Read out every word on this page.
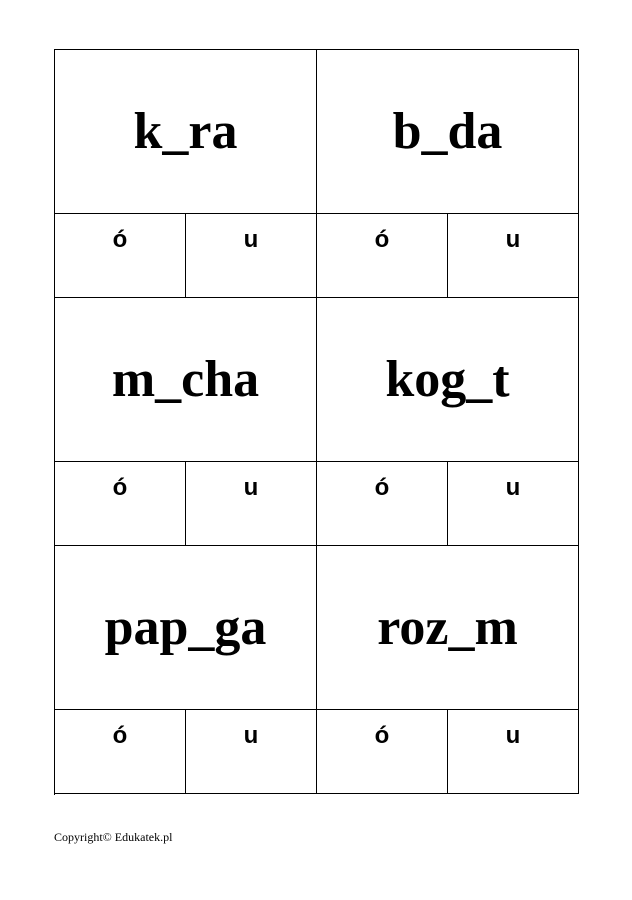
k_ra	b_da
ó	u	ó	u
m_cha	kog_t
ó	u	ó	u
pap_ga	roz_m
ó	u	ó	u
Copyright© Edukatek.pl
